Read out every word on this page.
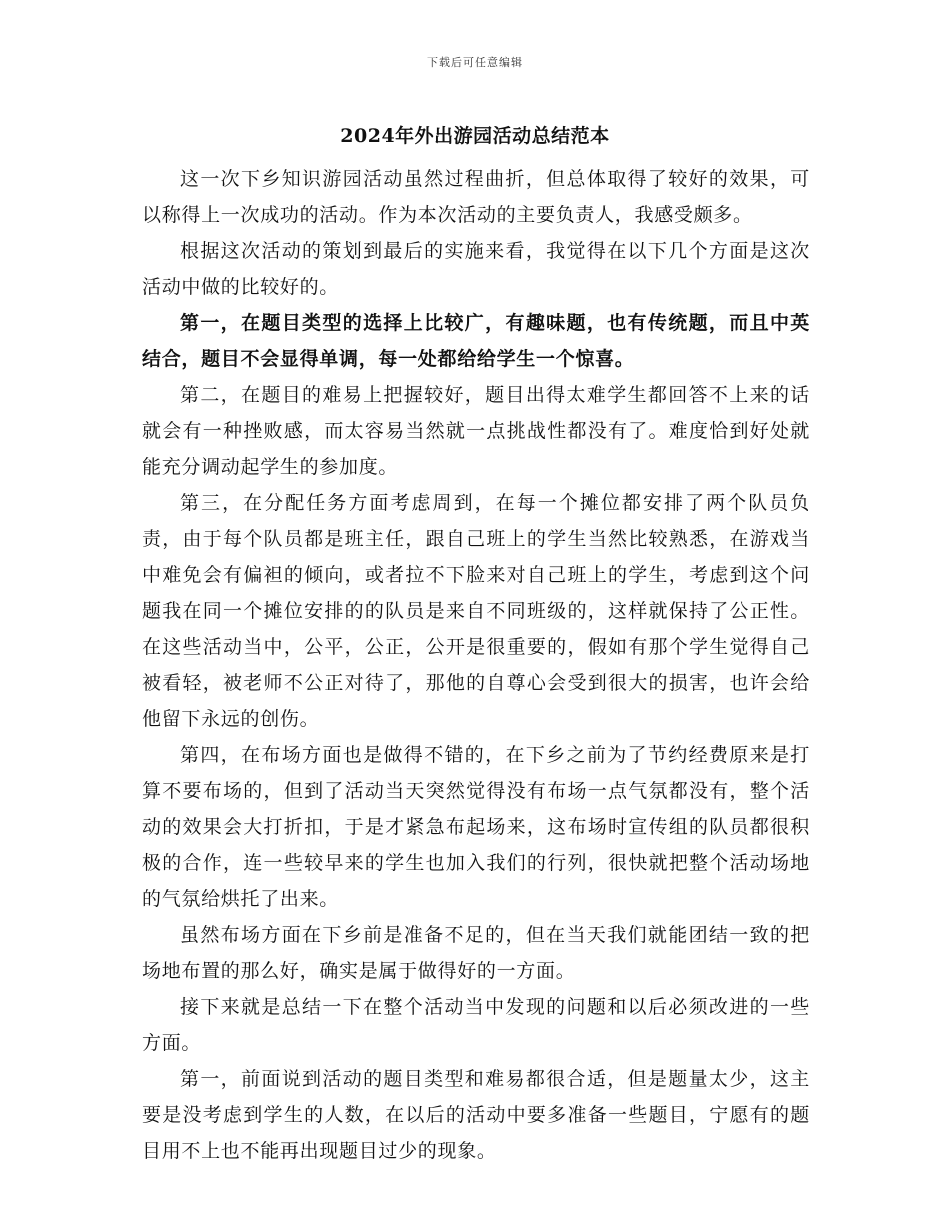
下载后可任意编辑
2024年外出游园活动总结范本

这一次下乡知识游园活动虽然过程曲折，但总体取得了较好的效果，可以称得上一次成功的活动。作为本次活动的主要负责人，我感受颇多。

根据这次活动的策划到最后的实施来看，我觉得在以下几个方面是这次活动中做的比较好的。

第一，在题目类型的选择上比较广，有趣味题，也有传统题，而且中英结合，题目不会显得单调，每一处都给给学生一个惊喜。

第二，在题目的难易上把握较好，题目出得太难学生都回答不上来的话就会有一种挫败感，而太容易当然就一点挑战性都没有了。难度恰到好处就能充分调动起学生的参加度。

第三，在分配任务方面考虑周到，在每一个摊位都安排了两个队员负责，由于每个队员都是班主任，跟自己班上的学生当然比较熟悉，在游戏当中难免会有偏袒的倾向，或者拉不下脸来对自己班上的学生，考虑到这个问题我在同一个摊位安排的的队员是来自不同班级的，这样就保持了公正性。在这些活动当中，公平，公正，公开是很重要的，假如有那个学生觉得自己被看轻，被老师不公正对待了，那他的自尊心会受到很大的损害，也许会给他留下永远的创伤。

第四，在布场方面也是做得不错的，在下乡之前为了节约经费原来是打算不要布场的，但到了活动当天突然觉得没有布场一点气氛都没有，整个活动的效果会大打折扣，于是才紧急布起场来，这布场时宣传组的队员都很积极的合作，连一些较早来的学生也加入我们的行列，很快就把整个活动场地的气氛给烘托了出来。

虽然布场方面在下乡前是准备不足的，但在当天我们就能团结一致的把场地布置的那么好，确实是属于做得好的一方面。

接下来就是总结一下在整个活动当中发现的问题和以后必须改进的一些方面。

第一，前面说到活动的题目类型和难易都很合适，但是题量太少，这主要是没考虑到学生的人数，在以后的活动中要多准备一些题目，宁愿有的题目用不上也不能再出现题目过少的现象。
